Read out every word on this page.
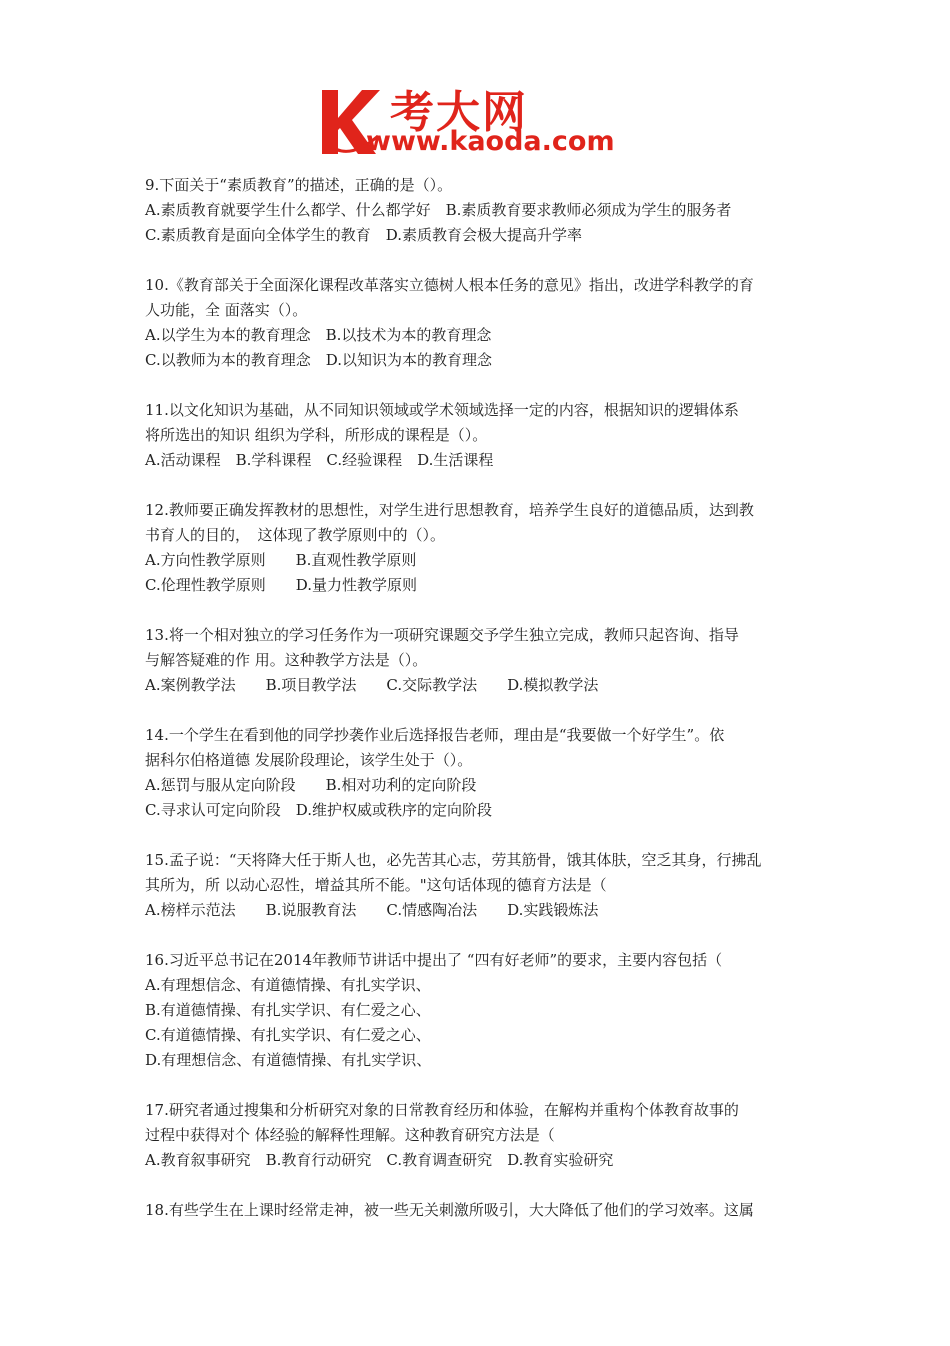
考大网
www.kaoda.com
9.下面关于“素质教育”的描述，正确的是（）。
A.素质教育就要学生什么都学、什么都学好　B.素质教育要求教师必须成为学生的服务者
C.素质教育是面向全体学生的教育　D.素质教育会极大提高升学率
10.《教育部关于全面深化课程改革落实立德树人根本任务的意见》指出，改进学科教学的育
人功能，全 面落实（）。
A.以学生为本的教育理念　B.以技术为本的教育理念
C.以教师为本的教育理念　D.以知识为本的教育理念
11.以文化知识为基础，从不同知识领域或学术领域选择一定的内容，根据知识的逻辑体系
将所选出的知识 组织为学科，所形成的课程是（）。
A.活动课程　B.学科课程　C.经验课程　D.生活课程
12.教师要正确发挥教材的思想性，对学生进行思想教育，培养学生良好的道德品质，达到教
书育人的目的，　这体现了教学原则中的（）。
A.方向性教学原则　　B.直观性教学原则
C.伦理性教学原则　　D.量力性教学原则
13.将一个相对独立的学习任务作为一项研究课题交予学生独立完成，教师只起咨询、指导
与解答疑难的作 用。这种教学方法是（）。
A.案例教学法　　B.项目教学法　　C.交际教学法　　D.模拟教学法
14.一个学生在看到他的同学抄袭作业后选择报告老师，理由是“我要做一个好学生”。依
据科尔伯格道德 发展阶段理论，该学生处于（）。
A.惩罚与服从定向阶段　　B.相对功利的定向阶段
C.寻求认可定向阶段　D.维护权威或秩序的定向阶段
15.孟子说：“天将降大任于斯人也，必先苦其心志，劳其筋骨，饿其体肤，空乏其身，行拂乱
其所为，所 以动心忍性，增益其所不能。"这句话体现的德育方法是（
A.榜样示范法　　B.说服教育法　　C.情感陶冶法　　D.实践锻炼法
16.习近平总书记在2014年教师节讲话中提出了 “四有好老师”的要求，主要内容包括（
A.有理想信念、有道德情操、有扎实学识、
B.有道德情操、有扎实学识、有仁爱之心、
C.有道德情操、有扎实学识、有仁爱之心、
D.有理想信念、有道德情操、有扎实学识、
17.研究者通过搜集和分析研究对象的日常教育经历和体验，在解构并重构个体教育故事的
过程中获得对个 体经验的解释性理解。这种教育研究方法是（
A.教育叙事研究　B.教育行动研究　C.教育调查研究　D.教育实验研究
18.有些学生在上课时经常走神，被一些无关刺激所吸引，大大降低了他们的学习效率。这属
